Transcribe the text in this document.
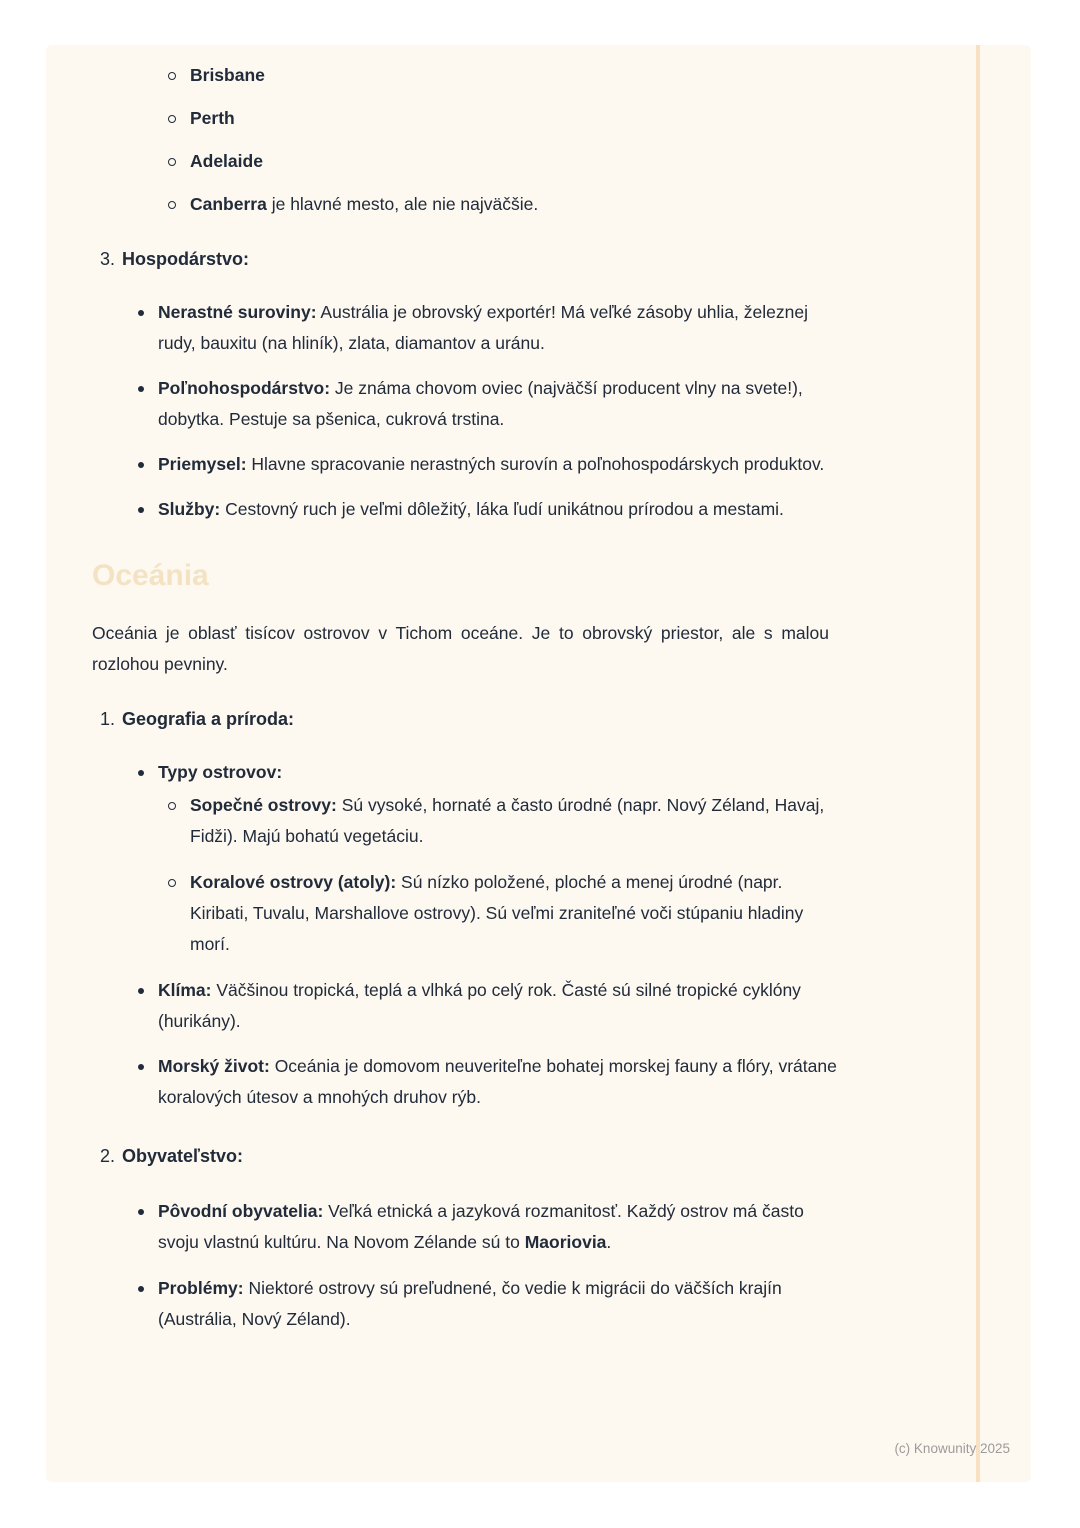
Brisbane
Perth
Adelaide
Canberra je hlavné mesto, ale nie najväčšie.
3. Hospodárstvo:
Nerastné suroviny: Austrália je obrovský exportér! Má veľké zásoby uhlia, železnej rudy, bauxitu (na hliník), zlata, diamantov a uránu.
Poľnohospodárstvo: Je známa chovom oviec (najväčší producent vlny na svete!), dobytka. Pestuje sa pšenica, cukrová trstina.
Priemysel: Hlavne spracovanie nerastných surovín a poľnohospodárskych produktov.
Služby: Cestovný ruch je veľmi dôležitý, láka ľudí unikátnou prírodou a mestami.
Oceánia

Oceánia je oblasť tisícov ostrovov v Tichom oceáne. Je to obrovský priestor, ale s malou rozlohou pevniny.

1. Geografia a príroda:
Typy ostrovov:
Sopečné ostrovy: Sú vysoké, hornaté a často úrodné (napr. Nový Zéland, Havaj, Fidži). Majú bohatú vegetáciu.
Koralové ostrovy (atoly): Sú nízko položené, ploché a menej úrodné (napr. Kiribati, Tuvalu, Marshallove ostrovy). Sú veľmi zraniteľné voči stúpaniu hladiny morí.
Klíma: Väčšinou tropická, teplá a vlhká po celý rok. Časté sú silné tropické cyklóny (hurikány).
Morský život: Oceánia je domovom neuveriteľne bohatej morskej fauny a flóry, vrátane koralových útesov a mnohých druhov rýb.
2. Obyvateľstvo:
Pôvodní obyvatelia: Veľká etnická a jazyková rozmanitosť. Každý ostrov má často svoju vlastnú kultúru. Na Novom Zélande sú to Maoriovia.
Problémy: Niektoré ostrovy sú preľudnené, čo vedie k migrácii do väčších krajín (Austrália, Nový Zéland).
(c) Knowunity 2025
